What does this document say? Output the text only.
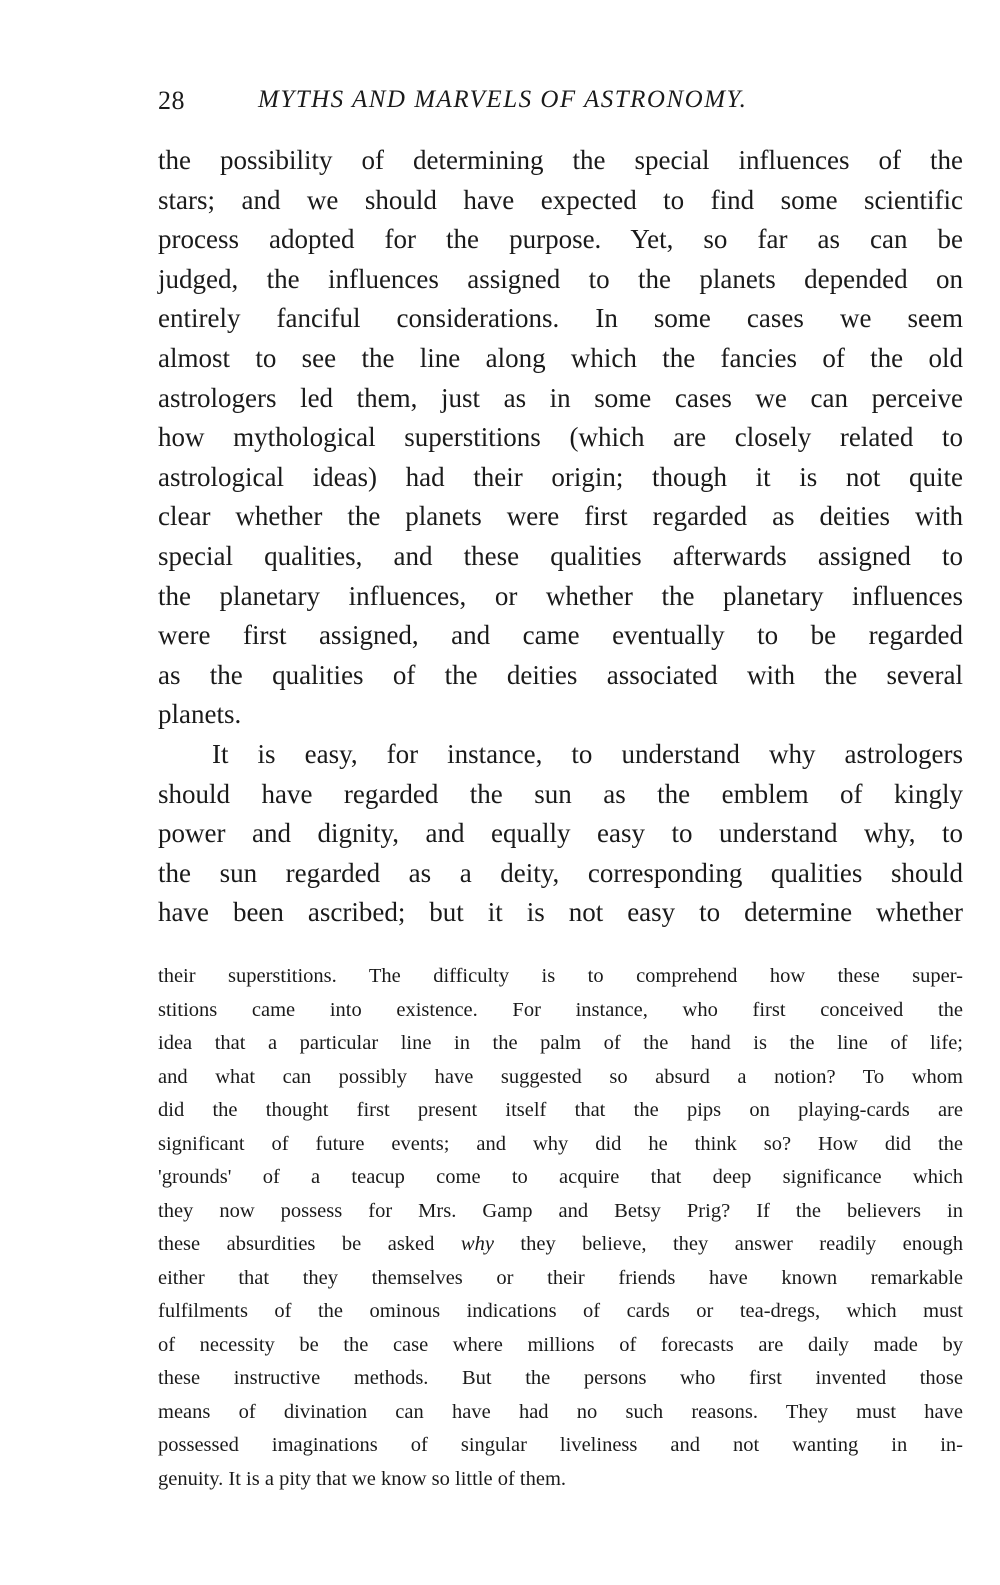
28	MYTHS AND MARVELS OF ASTRONOMY.
the possibility of determining the special influences of the
stars; and we should have expected to find some scientific
process adopted for the purpose. Yet, so far as can be
judged, the influences assigned to the planets depended on
entirely fanciful considerations. In some cases we seem
almost to see the line along which the fancies of the old
astrologers led them, just as in some cases we can perceive
how mythological superstitions (which are closely related to
astrological ideas) had their origin; though it is not quite
clear whether the planets were first regarded as deities with
special qualities, and these qualities afterwards assigned to
the planetary influences, or whether the planetary influences
were first assigned, and came eventually to be regarded
as the qualities of the deities associated with the several
planets.
It is easy, for instance, to understand why astrologers
should have regarded the sun as the emblem of kingly
power and dignity, and equally easy to understand why, to
the sun regarded as a deity, corresponding qualities should
have been ascribed; but it is not easy to determine whether
their superstitions. The difficulty is to comprehend how these super-
stitions came into existence. For instance, who first conceived the
idea that a particular line in the palm of the hand is the line of life;
and what can possibly have suggested so absurd a notion? To whom
did the thought first present itself that the pips on playing-cards are
significant of future events; and why did he think so? How did the
'grounds' of a teacup come to acquire that deep significance which
they now possess for Mrs. Gamp and Betsy Prig? If the believers in
these absurdities be asked why they believe, they answer readily enough
either that they themselves or their friends have known remarkable
fulfilments of the ominous indications of cards or tea-dregs, which must
of necessity be the case where millions of forecasts are daily made by
these instructive methods. But the persons who first invented those
means of divination can have had no such reasons. They must have
possessed imaginations of singular liveliness and not wanting in in-
genuity. It is a pity that we know so little of them.
